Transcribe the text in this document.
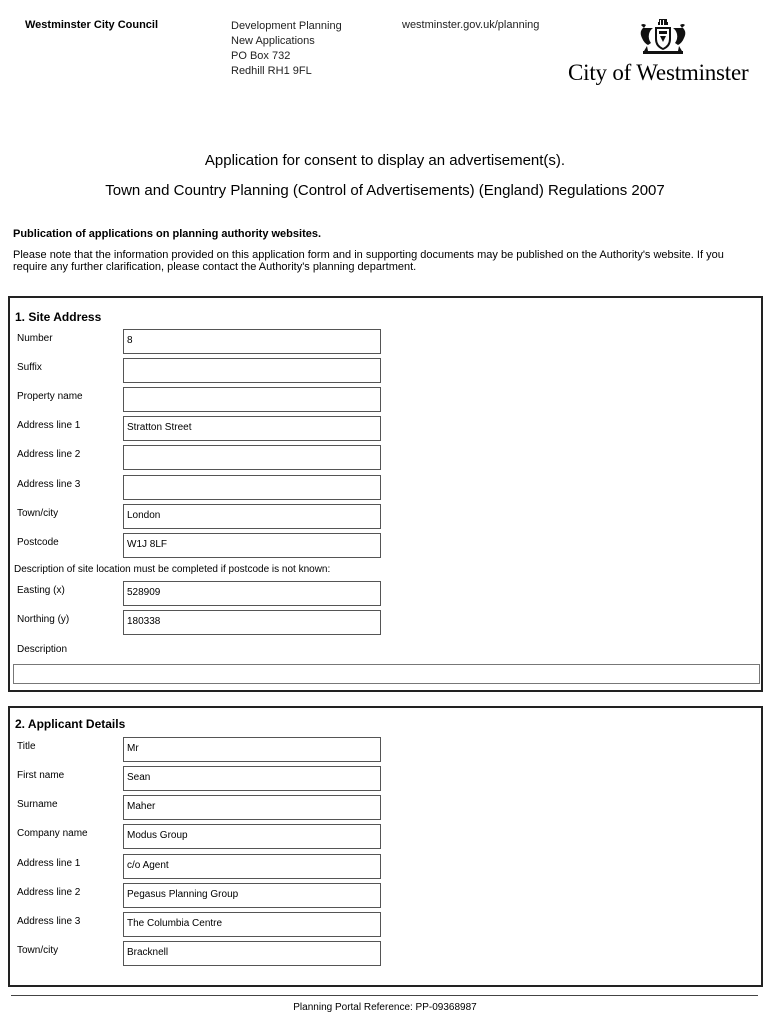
Westminster City Council	Development Planning
New Applications
PO Box 732
Redhill RH1 9FL
westminster.gov.uk/planning
City of Westminster
Application for consent to display an advertisement(s).
Town and Country Planning (Control of Advertisements) (England) Regulations 2007
Publication of applications on planning authority websites.
Please note that the information provided on this application form and in supporting documents may be published on the Authority's website. If you require any further clarification, please contact the Authority's planning department.
1. Site Address
Number	8
Suffix
Property name
Address line 1	Stratton Street
Address line 2
Address line 3
Town/city	London
Postcode	W1J 8LF
Description of site location must be completed if postcode is not known:
Easting (x)	528909
Northing (y)	180338
Description
2. Applicant Details
Title	Mr
First name	Sean
Surname	Maher
Company name	Modus Group
Address line 1	c/o Agent
Address line 2	Pegasus Planning Group
Address line 3	The Columbia Centre
Town/city	Bracknell
Planning Portal Reference: PP-09368987
